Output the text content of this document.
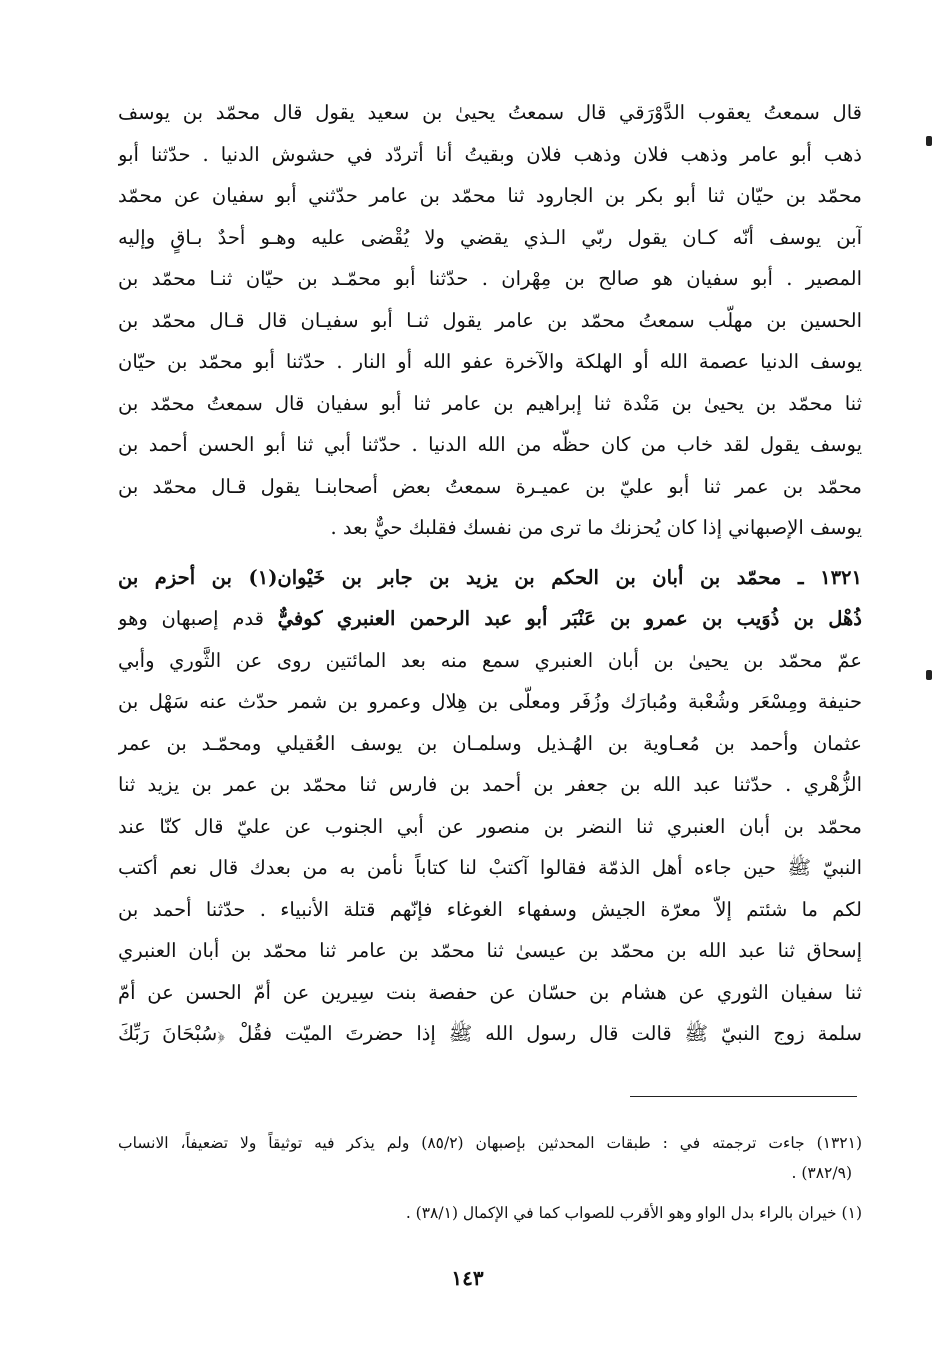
قال سمعتُ يعقوب الدَّوْرَقي قال سمعتُ يحيىٰ بن سعيد يقول قال محمّد بن يوسف
ذهب أبو عامر وذهب فلان وذهب فلان وبقيتُ أنا أتردّد في حشوش الدنيا . حدّثنا أبو
محمّد بن حيّان ثنا أبو بكر بن الجارود ثنا محمّد بن عامر حدّثني أبو سفيان عن محمّد
آبن يوسف أنّه كـان يقول ربّي الـذي يقضي ولا يُقْضى عليه وهـو أحدٌ بـاقٍ وإليه
المصير . أبو سفيان هو صالح بن مِهْران . حدّثنا أبو محمّـد بن حيّان ثنـا محمّد بن
الحسين بن مهلّب سمعتُ محمّد بن عامر يقول ثنـا أبو سفيـان قال قـال محمّد بن
يوسف الدنيا عصمة الله أو الهلكة والآخرة عفو الله أو النار . حدّثنا أبو محمّد بن حيّان
ثنا محمّد بن يحيىٰ بن مَنْدة ثنا إبراهيم بن عامر ثنا أبو سفيان قال سمعتُ محمّد بن
يوسف يقول لقد خاب من كان حظّه من الله الدنيا . حدّثنا أبي ثنا أبو الحسن أحمد بن
محمّد بن عمر ثنا أبو عليّ بن عميـرة سمعتُ بعض أصحابنـا يقول قـال محمّد بن
يوسف الإصبهاني إذا كان يُحزنك ما ترى من نفسك فقلبك حيٌّ بعد .
١٣٢١ ـ محمّد بن أبان بن الحكم بن يزيد بن جابر بن خَيْوان(١) بن أحزم بن
ذُهْل بن ذُوَيب بن عمرو بن عَنْبَر أبو عبد الرحمن العنبري كوفيٌّ قدم إصبهان وهو
عمّ محمّد بن يحيىٰ بن أبان العنبري سمع منه بعد المائتين روى عن الثَّوري وأبي
حنيفة ومِسْعَر وشُعْبة ومُبارَك وزُفَر ومعلّى بن هِلال وعمرو بن شمر حدّث عنه سَهْل بن
عثمان وأحمد بن مُعـاوية بن الهُـذيل وسلمـان بن يوسف العُقيلي ومحمّـد بن عمر
الزُّهْري . حدّثنا عبد الله بن جعفر بن أحمد بن فارس ثنا محمّد بن عمر بن يزيد ثنا
محمّد بن أبان العنبري ثنا النضر بن منصور عن أبي الجنوب عن عليّ قال كنّا عند
النبيّ ﷺ حين جاءه أهل الذمّة فقالوا آكتبْ لنا كتاباً نأمن به من بعدك قال نعم أكتب
لكم ما شئتم إلاّ معرّة الجيش وسفهاء الغوغاء فإنّهم قتلة الأنبياء . حدّثنا أحمد بن
إسحاق ثنا عبد الله بن محمّد بن عيسىٰ ثنا محمّد بن عامر ثنا محمّد بن أبان العنبري
ثنا سفيان الثوري عن هشام بن حسّان عن حفصة بنت سِيرين عن أمّ الحسن عن أمّ
سلمة زوج النبيّ ﷺ قالت قال رسول الله ﷺ إذا حضرتَ الميّت فقُلْ ﴿سُبْحَانَ رَبِّكَ
(١٣٢١) جاءت ترجمته في : طبقات المحدثين بإصبهان (٨٥/٢) ولم يذكر فيه توثيقاً ولا تضعيفاً، الانساب
(٣٨٢/٩) .
(١) خيران بالراء بدل الواو وهو الأقرب للصواب كما في الإكمال (٣٨/١) .
١٤٣
